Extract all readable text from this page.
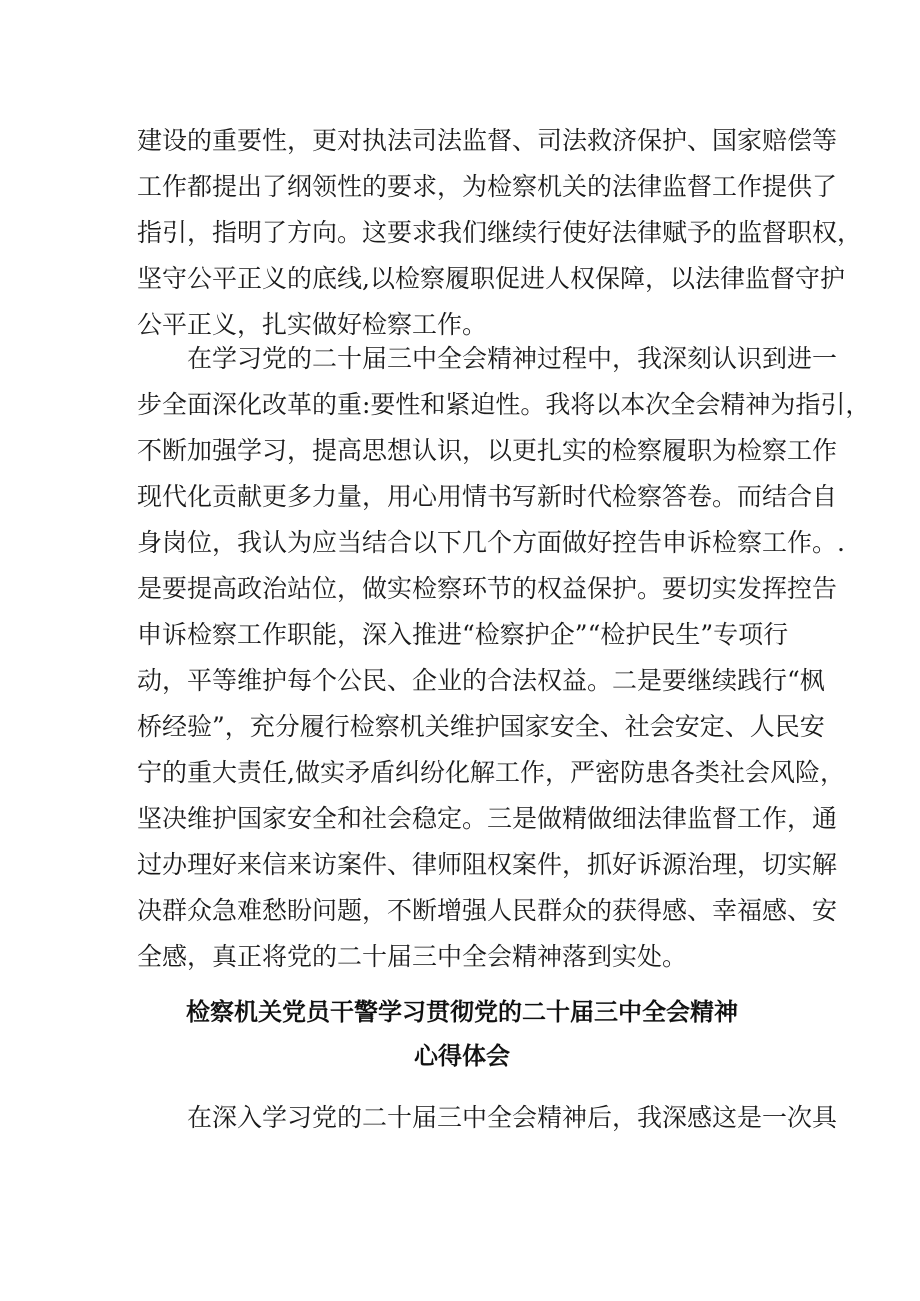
建设的重要性，更对执法司法监督、司法救济保护、国家赔偿等
工作都提出了纲领性的要求，为检察机关的法律监督工作提供了
指引，指明了方向。这要求我们继续行使好法律赋予的监督职权，
坚守公平正义的底线,以检察履职促进人权保障，以法律监督守护
公平正义，扎实做好检察工作。
在学习党的二十届三中全会精神过程中，我深刻认识到进一
步全面深化改革的重:要性和紧迫性。我将以本次全会精神为指引，
不断加强学习，提高思想认识，以更扎实的检察履职为检察工作
现代化贡献更多力量，用心用情书写新时代检察答卷。而结合自
身岗位，我认为应当结合以下几个方面做好控告申诉检察工作。.
是要提高政治站位，做实检察环节的权益保护。要切实发挥控告
申诉检察工作职能，深入推进“检察护企”“检护民生”专项行
动，平等维护每个公民、企业的合法权益。二是要继续践行“枫
桥经验”，充分履行检察机关维护国家安全、社会安定、人民安
宁的重大责任,做实矛盾纠纷化解工作，严密防患各类社会风险，
坚决维护国家安全和社会稳定。三是做精做细法律监督工作，通
过办理好来信来访案件、律师阻权案件，抓好诉源治理，切实解
决群众急难愁盼问题，不断增强人民群众的获得感、幸福感、安
全感，真正将党的二十届三中全会精神落到实处。
检察机关党员干警学习贯彻党的二十届三中全会精神
心得体会
在深入学习党的二十届三中全会精神后，我深感这是一次具
